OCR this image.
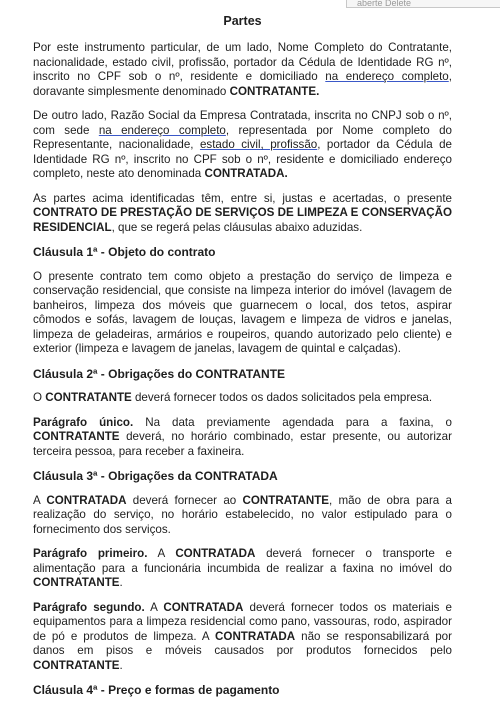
aberte Delete
Partes

Por este instrumento particular, de um lado, Nome Completo do Contratante, nacionalidade, estado civil, profissão, portador da Cédula de Identidade RG nº, inscrito no CPF sob o nº, residente e domiciliado na endereço completo, doravante simplesmente denominado CONTRATANTE.

De outro lado, Razão Social da Empresa Contratada, inscrita no CNPJ sob o nº, com sede na endereço completo, representada por Nome completo do Representante, nacionalidade, estado civil, profissão, portador da Cédula de Identidade RG nº, inscrito no CPF sob o nº, residente e domiciliado endereço completo, neste ato denominada CONTRATADA.

As partes acima identificadas têm, entre si, justas e acertadas, o presente CONTRATO DE PRESTAÇÃO DE SERVIÇOS DE LIMPEZA E CONSERVAÇÃO RESIDENCIAL, que se regerá pelas cláusulas abaixo aduzidas.

Cláusula 1ª - Objeto do contrato

O presente contrato tem como objeto a prestação do serviço de limpeza e conservação residencial, que consiste na limpeza interior do imóvel (lavagem de banheiros, limpeza dos móveis que guarnecem o local, dos tetos, aspirar cômodos e sofás, lavagem de louças, lavagem e limpeza de vidros e janelas, limpeza de geladeiras, armários e roupeiros, quando autorizado pelo cliente) e exterior (limpeza e lavagem de janelas, lavagem de quintal e calçadas).

Cláusula 2ª - Obrigações do CONTRATANTE

O CONTRATANTE deverá fornecer todos os dados solicitados pela empresa.

Parágrafo único. Na data previamente agendada para a faxina, o CONTRATANTE deverá, no horário combinado, estar presente, ou autorizar terceira pessoa, para receber a faxineira.

Cláusula 3ª - Obrigações da CONTRATADA

A CONTRATADA deverá fornecer ao CONTRATANTE, mão de obra para a realização do serviço, no horário estabelecido, no valor estipulado para o fornecimento dos serviços.

Parágrafo primeiro. A CONTRATADA deverá fornecer o transporte e alimentação para a funcionária incumbida de realizar a faxina no imóvel do CONTRATANTE.

Parágrafo segundo. A CONTRATADA deverá fornecer todos os materiais e equipamentos para a limpeza residencial como pano, vassouras, rodo, aspirador de pó e produtos de limpeza. A CONTRATADA não se responsabilizará por danos em pisos e móveis causados por produtos fornecidos pelo CONTRATANTE.

Cláusula 4ª - Preço e formas de pagamento
